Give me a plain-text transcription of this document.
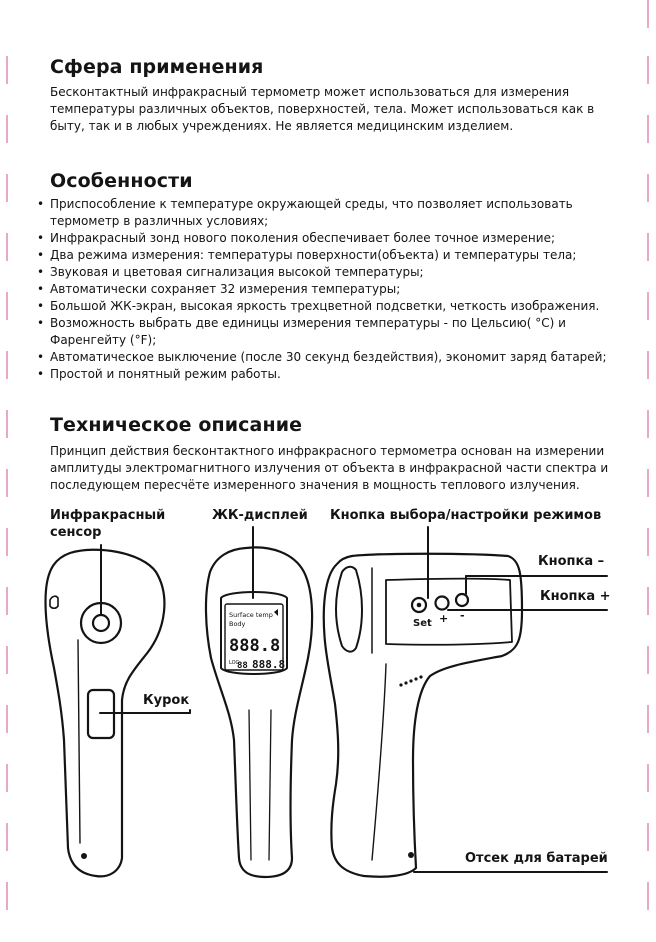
Сфера применения

Бесконтактный инфракрасный термометр может использоваться для измерения температуры различных объектов, поверхностей, тела. Может использоваться как в быту, так и в любых учреждениях. Не является медицинским изделием.

Особенности
• Приспособление к температуре окружающей среды, что позволяет использовать термометр в различных условиях;
• Инфракрасный зонд нового поколения обеспечивает более точное измерение;
• Два режима измерения: температуры поверхности(объекта) и температуры тела;
• Звуковая и цветовая сигнализация высокой температуры;
• Автоматически сохраняет 32 измерения температуры;
• Большой ЖК-экран, высокая яркость трехцветной подсветки, четкость изображения.
• Возможность выбрать две единицы измерения температуры - по Цельсию( °С) и Фаренгейту (°F);
• Автоматическое выключение (после 30 секунд бездействия), экономит заряд батарей;
• Простой и понятный режим работы.
Техническое описание

Принцип действия бесконтактного инфракрасного термометра основан на измерении амплитуды электромагнитного излучения от объекта в инфракрасной части спектра и последующем пересчёте измеренного значения в мощность теплового излучения.

Инфракрасный сенсор
ЖК-дисплей Кнопка выбора/настройки режимов
Кнопка –
Кнопка +
Курок
Отсек для батарей
Surface temp
Body
888.8
LOG
88 888.8
Set + -
